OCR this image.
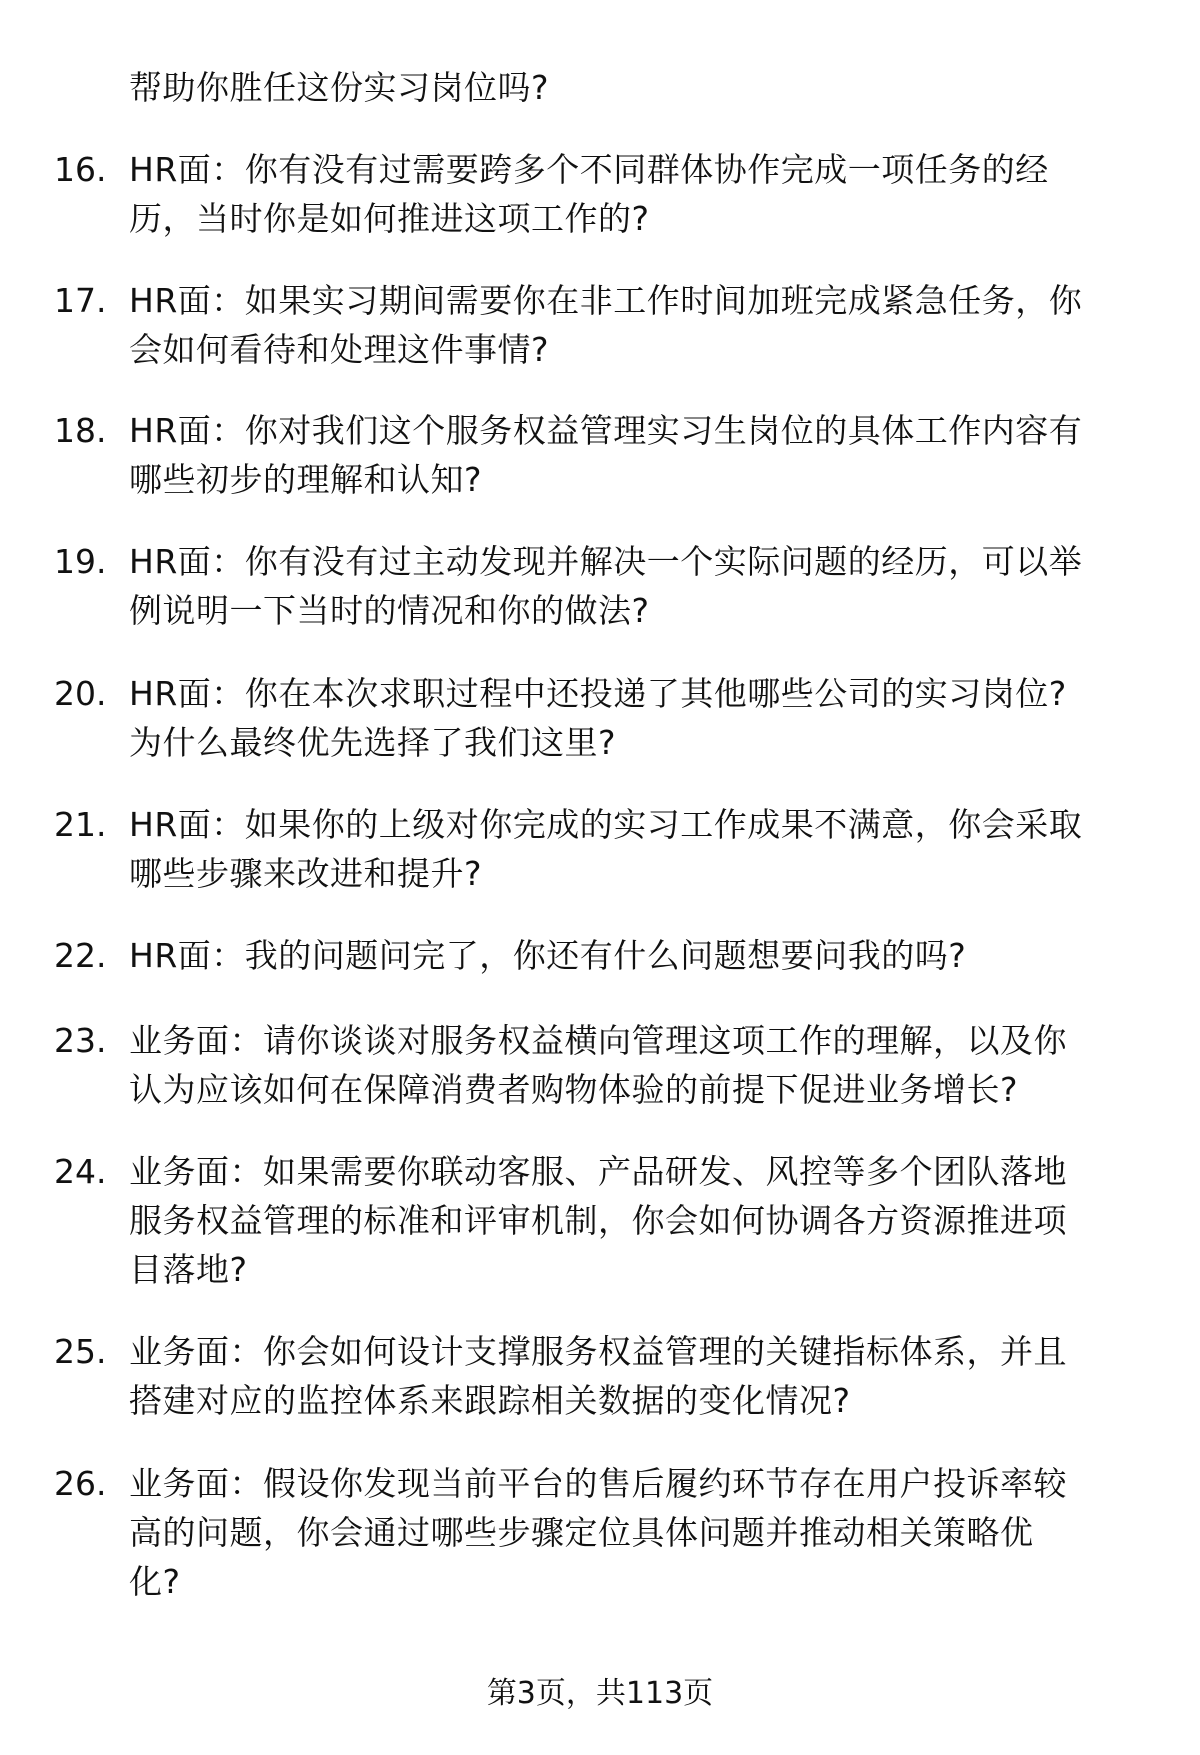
帮助你胜任这份实习岗位吗?
16. HR面：你有没有过需要跨多个不同群体协作完成一项任务的经
历，当时你是如何推进这项工作的?
17. HR面：如果实习期间需要你在非工作时间加班完成紧急任务，你
会如何看待和处理这件事情?
18. HR面：你对我们这个服务权益管理实习生岗位的具体工作内容有
哪些初步的理解和认知?
19. HR面：你有没有过主动发现并解决一个实际问题的经历，可以举
例说明一下当时的情况和你的做法?
20. HR面：你在本次求职过程中还投递了其他哪些公司的实习岗位?
为什么最终优先选择了我们这里?
21. HR面：如果你的上级对你完成的实习工作成果不满意，你会采取
哪些步骤来改进和提升?
22. HR面：我的问题问完了，你还有什么问题想要问我的吗?
23. 业务面：请你谈谈对服务权益横向管理这项工作的理解，以及你
认为应该如何在保障消费者购物体验的前提下促进业务增长?
24. 业务面：如果需要你联动客服、产品研发、风控等多个团队落地
服务权益管理的标准和评审机制，你会如何协调各方资源推进项
目落地?
25. 业务面：你会如何设计支撑服务权益管理的关键指标体系，并且
搭建对应的监控体系来跟踪相关数据的变化情况?
26. 业务面：假设你发现当前平台的售后履约环节存在用户投诉率较
高的问题，你会通过哪些步骤定位具体问题并推动相关策略优
化?
第3页，共113页
